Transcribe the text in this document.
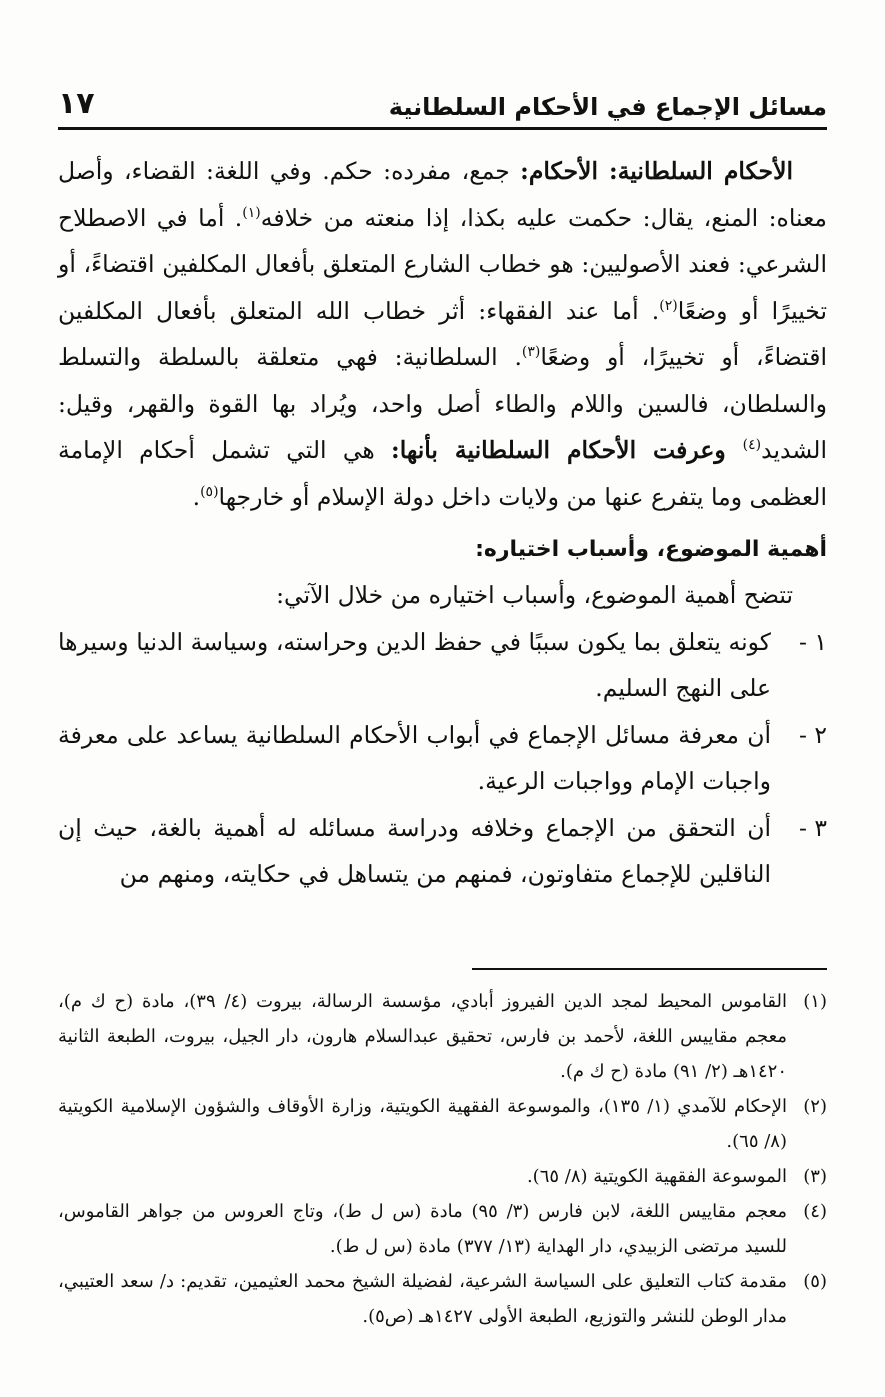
مسائل الإجماع في الأحكام السلطانية
١٧

الأحكام السلطانية: الأحكام: جمع، مفرده: حكم. وفي اللغة: القضاء، وأصل معناه: المنع، يقال: حكمت عليه بكذا، إذا منعته من خلافه$^{(١)}$. أما في الاصطلاح الشرعي: فعند الأصوليين: هو خطاب الشارع المتعلق بأفعال المكلفين اقتضاءً، أو تخييرًا أو وضعًا$^{(٢)}$. أما عند الفقهاء: أثر خطاب الله المتعلق بأفعال المكلفين اقتضاءً، أو تخييرًا، أو وضعًا$^{(٣)}$. السلطانية: فهي متعلقة بالسلطة والتسلط والسلطان، فالسين واللام والطاء أصل واحد، ويُراد بها القوة والقهر، وقيل: الشديد$^{(٤)}$ وعرفت الأحكام السلطانية بأنها: هي التي تشمل أحكام الإمامة العظمى وما يتفرع عنها من ولايات داخل دولة الإسلام أو خارجها$^{(٥)}$.

أهمية الموضوع، وأسباب اختياره:

تتضح أهمية الموضوع، وأسباب اختياره من خلال الآتي:

١ -
كونه يتعلق بما يكون سببًا في حفظ الدين وحراسته، وسياسة الدنيا وسيرها على النهج السليم.
٢ -
أن معرفة مسائل الإجماع في أبواب الأحكام السلطانية يساعد على معرفة واجبات الإمام وواجبات الرعية.
٣ -
أن التحقق من الإجماع وخلافه ودراسة مسائله له أهمية بالغة، حيث إن الناقلين للإجماع متفاوتون، فمنهم من يتساهل في حكايته، ومنهم من

(١)
القاموس المحيط لمجد الدين الفيروز أبادي، مؤسسة الرسالة، بيروت (٤/ ٣٩)، مادة (ح ك م)، معجم مقاييس اللغة، لأحمد بن فارس، تحقيق عبدالسلام هارون، دار الجيل، بيروت، الطبعة الثانية ١٤٢٠هـ (٢/ ٩١) مادة (ح ك م).

(٢)
الإحكام للآمدي (١/ ١٣٥)، والموسوعة الفقهية الكويتية، وزارة الأوقاف والشؤون الإسلامية الكويتية (٨/ ٦٥).

(٣)
الموسوعة الفقهية الكويتية (٨/ ٦٥).

(٤)
معجم مقاييس اللغة، لابن فارس (٣/ ٩٥) مادة (س ل ط)، وتاج العروس من جواهر القاموس، للسيد مرتضى الزبيدي، دار الهداية (١٣/ ٣٧٧) مادة (س ل ط).

(٥)
مقدمة كتاب التعليق على السياسة الشرعية، لفضيلة الشيخ محمد العثيمين، تقديم: د/ سعد العتيبي، مدار الوطن للنشر والتوزيع، الطبعة الأولى ١٤٢٧هـ (ص٥).
